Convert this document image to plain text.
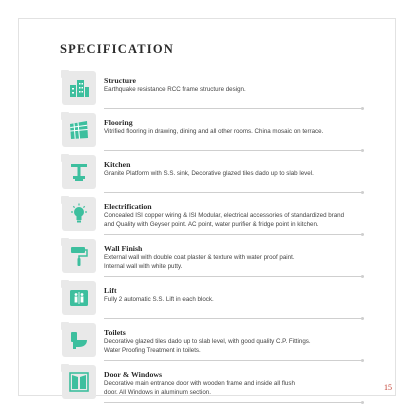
SPECIFICATION
Structure
Earthquake resistance RCC frame structure design.
Flooring
Vitrified flooring in drawing, dining and all other rooms. China mosaic on terrace.
Kitchen
Granite Platform with S.S. sink, Decorative glazed tiles dado up to slab level.
Electrification
Concealed ISI copper wiring & ISI Modular, electrical accessories of standardized brand
and Quality with Geyser point. AC point, water purifier & fridge point in kitchen.
Wall Finish
External wall with double coat plaster & texture with water proof paint.
Internal wall with white putty.
Lift
Fully 2 automatic S.S. Lift in each block.
Toilets
Decorative glazed tiles dado up to slab level, with good quality C.P. Fittings.
Water Proofing Treatment in toilets.
Door & Windows
Decorative main entrance door with wooden frame and inside all flush
door. All Windows in aluminum section.
15
